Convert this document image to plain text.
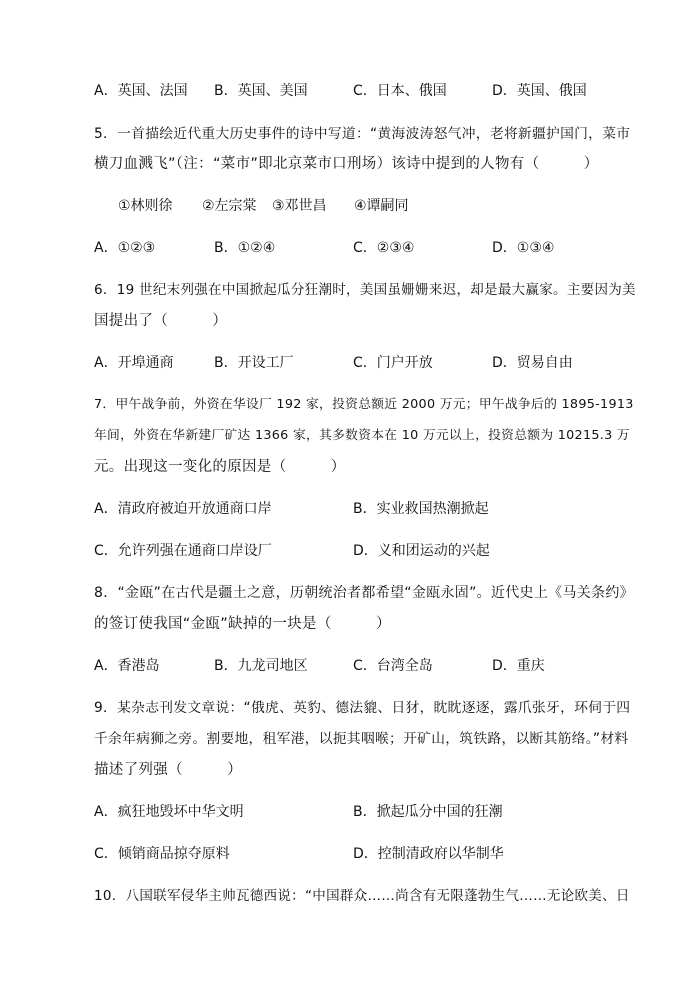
A．英国、法国 B．英国、美国	C．日本、俄国	D．英国、俄国
5．一首描绘近代重大历史事件的诗中写道：“黄海波涛怒气冲，老将新疆护国门，菜市
横刀血溅飞”（注：“菜市”即北京菜市口刑场）该诗中提到的人物有（　　　）
①林则徐 ②左宗棠 ③邓世昌 ④谭嗣同
A．①②③	B．①②④	C．②③④	D．①③④
6．19 世纪末列强在中国掀起瓜分狂潮时，美国虽姗姗来迟，却是最大赢家。主要因为美
国提出了（　　　）
A．开埠通商	B．开设工厂	C．门户开放	D．贸易自由
7．甲午战争前，外资在华设厂 192 家，投资总额近 2000 万元；甲午战争后的 1895-1913
年间，外资在华新建厂矿达 1366 家，其多数资本在 10 万元以上，投资总额为 10215.3 万
元。出现这一变化的原因是（　　　）
A．清政府被迫开放通商口岸	B．实业救国热潮掀起
C．允许列强在通商口岸设厂	D．义和团运动的兴起
8．“金瓯”在古代是疆土之意，历朝统治者都希望“金瓯永固”。近代史上《马关条约》
的签订使我国“金瓯”缺掉的一块是（　　　）
A．香港岛	B．九龙司地区	C．台湾全岛	D．重庆
9．某杂志刊发文章说：“俄虎、英豹、德法貔、日犲，眈眈逐逐，露爪张牙，环伺于四
千余年病狮之旁。割要地，租军港，以扼其咽喉；开矿山，筑铁路，以断其筋络。”材料
描述了列强（　　　）
A．疯狂地毁坏中华文明	B．掀起瓜分中国的狂潮
C．倾销商品掠夺原料	D．控制清政府以华制华
10．八国联军侵华主帅瓦德西说：“中国群众……尚含有无限蓬勃生气……无论欧美、日
